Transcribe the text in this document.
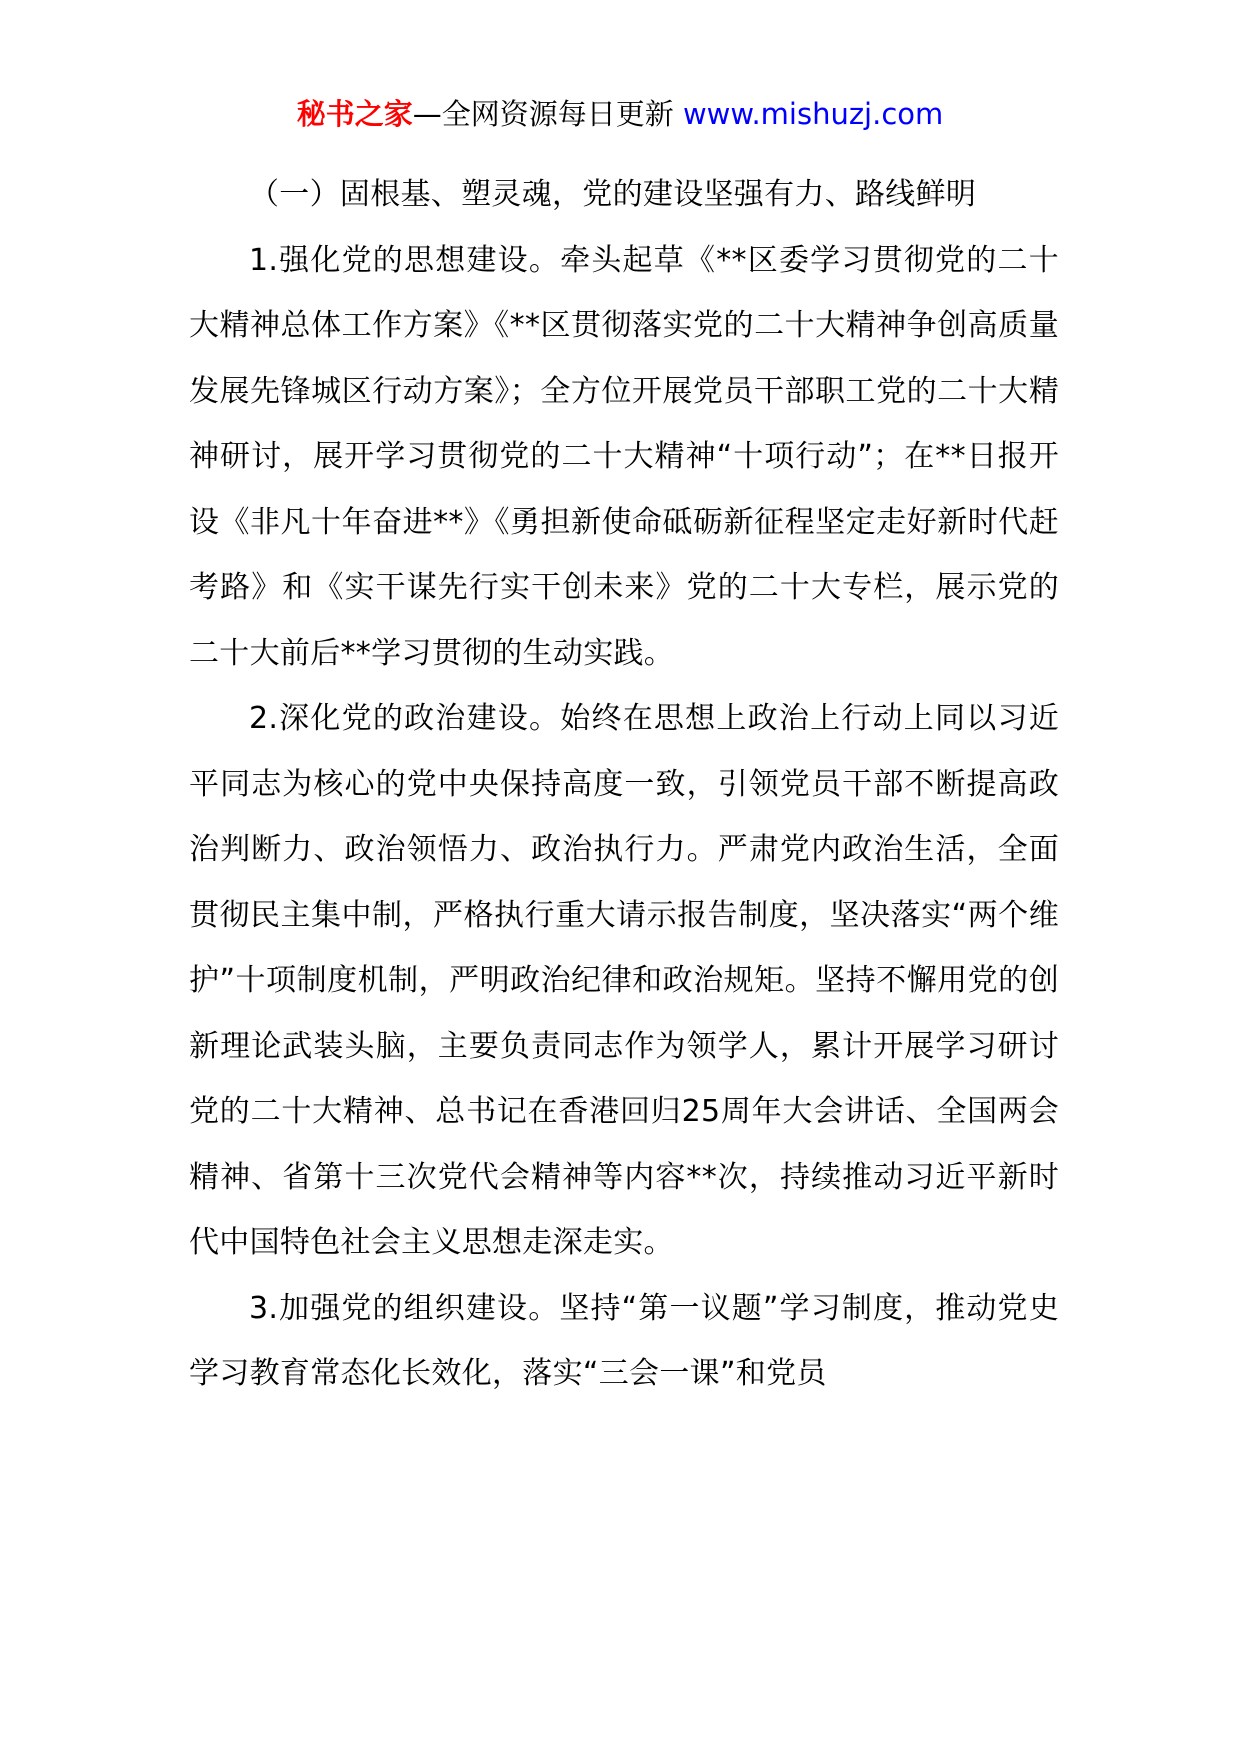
秘书之家—全网资源每日更新 www.mishuzj.com

（一）固根基、塑灵魂，党的建设坚强有力、路线鲜明

1.强化党的思想建设。牵头起草《**区委学习贯彻党的二十大精神总体工作方案》《**区贯彻落实党的二十大精神争创高质量发展先锋城区行动方案》；全方位开展党员干部职工党的二十大精神研讨，展开学习贯彻党的二十大精神“十项行动”；在**日报开设《非凡十年奋进**》《勇担新使命砥砺新征程坚定走好新时代赶考路》和《实干谋先行实干创未来》党的二十大专栏，展示党的二十大前后**学习贯彻的生动实践。

2.深化党的政治建设。始终在思想上政治上行动上同以习近平同志为核心的党中央保持高度一致，引领党员干部不断提高政治判断力、政治领悟力、政治执行力。严肃党内政治生活，全面贯彻民主集中制，严格执行重大请示报告制度，坚决落实“两个维护”十项制度机制，严明政治纪律和政治规矩。坚持不懈用党的创新理论武装头脑，主要负责同志作为领学人，累计开展学习研讨党的二十大精神、总书记在香港回归25周年大会讲话、全国两会精神、省第十三次党代会精神等内容**次，持续推动习近平新时代中国特色社会主义思想走深走实。

3.加强党的组织建设。坚持“第一议题”学习制度，推动党史学习教育常态化长效化，落实“三会一课”和党员
